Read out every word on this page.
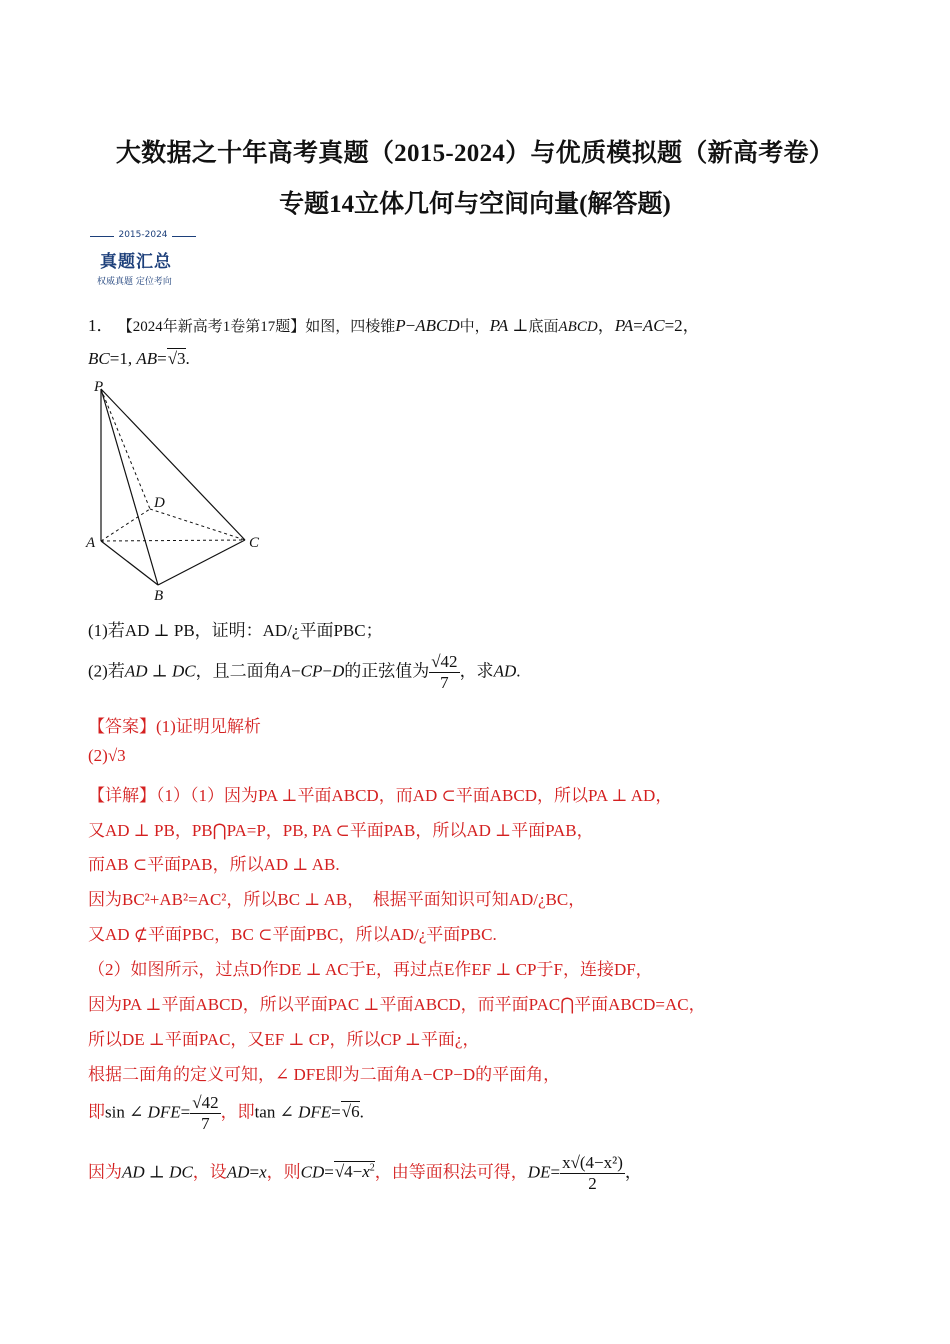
大数据之十年高考真题（2015-2024）与优质模拟题（新高考卷）
专题14立体几何与空间向量(解答题)
2015-2024
真题汇总
权威真题 定位考向
1． 【2024年新高考1卷第17题】如图，四棱锥P−ABCD中，PA ⊥底面ABCD，PA=AC=2，
BC=1, AB=√3.
P
D
A	C
B
(1)若AD ⊥ PB，证明：AD/¿平面PBC；
(2)若AD ⊥ DC，且二面角A−CP−D的正弦值为 $\frac{√42}{7}$ ，求AD.
【答案】(1)证明见解析
(2)√3
【详解】（1）（1）因为PA ⊥平面ABCD，而AD ⊂平面ABCD，所以PA ⊥ AD，
又AD ⊥ PB，PB⋂PA=P，PB, PA ⊂平面PAB，所以AD ⊥平面PAB，
而AB ⊂平面PAB，所以AD ⊥ AB.
因为BC²+AB²=AC²，所以BC ⊥ AB，　根据平面知识可知AD/¿BC，
又AD ⊄平面PBC，BC ⊂平面PBC，所以AD/¿平面PBC.
（2）如图所示，过点D作DE ⊥ AC于E，再过点E作EF ⊥ CP于F，连接DF，
因为PA ⊥平面ABCD，所以平面PAC ⊥平面ABCD，而平面PAC⋂平面ABCD=AC，
所以DE ⊥平面PAC，又EF ⊥ CP，所以CP ⊥平面¿，
根据二面角的定义可知，∠ DFE即为二面角A−CP−D的平面角，
即sin ∠ $DFE= \frac{√42}{7}$ ，即tan ∠ DFE=√6.
因为AD ⊥ DC，设AD=x，则$CD=√4-x^2$，由等面积法可得，$DE= \frac{\text{x√(4−x²)}}{2}$ ，
